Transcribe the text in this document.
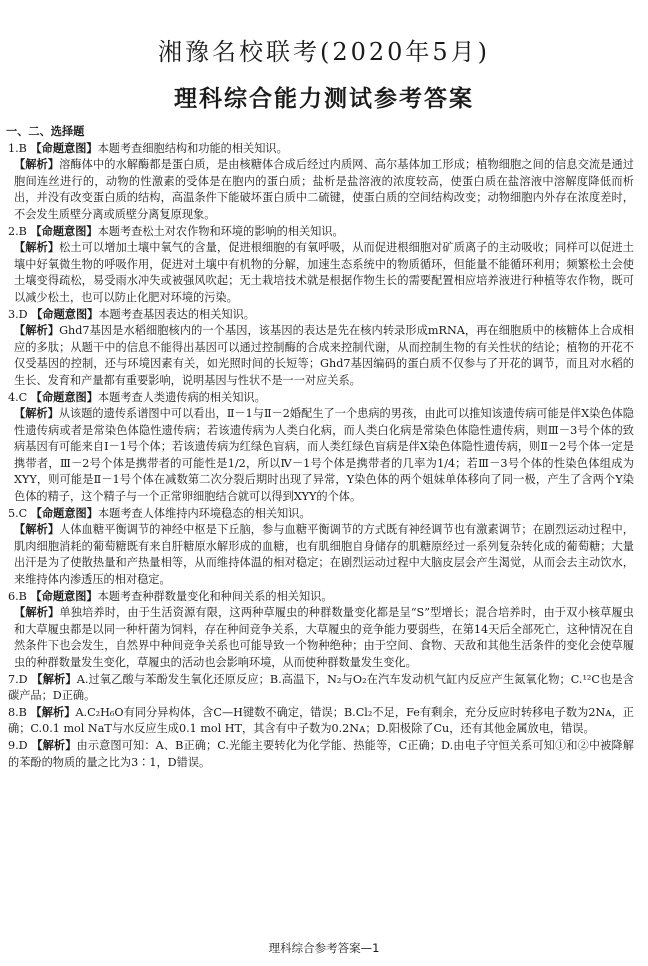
湘豫名校联考(2020年5月)
理科综合能力测试参考答案
一、二、选择题
1.B 【命题意图】本题考查细胞结构和功能的相关知识。
【解析】溶酶体中的水解酶都是蛋白质，是由核糖体合成后经过内质网、高尔基体加工形成；植物细胞之间的信息交流是通过胞间连丝进行的，动物的性激素的受体是在胞内的蛋白质；盐析是盐溶液的浓度较高，使蛋白质在盐溶液中溶解度降低而析出，并没有改变蛋白质的结构，高温条件下能破坏蛋白质中二硫键，使蛋白质的空间结构改变；动物细胞内外存在浓度差时，不会发生质壁分离或质壁分离复原现象。
2.B 【命题意图】本题考查松土对农作物和环境的影响的相关知识。
【解析】松土可以增加土壤中氧气的含量，促进根细胞的有氧呼吸，从而促进根细胞对矿质离子的主动吸收；同样可以促进土壤中好氧微生物的呼吸作用，促进对土壤中有机物的分解，加速生态系统中的物质循环，但能量不能循环利用；频繁松土会使土壤变得疏松，易受雨水冲失或被强风吹起；无土栽培技术就是根据作物生长的需要配置相应培养液进行种植等农作物，既可以减少松土，也可以防止化肥对环境的污染。
3.D 【命题意图】本题考查基因表达的相关知识。
【解析】Ghd7基因是水稻细胞核内的一个基因，该基因的表达是先在核内转录形成mRNA，再在细胞质中的核糖体上合成相应的多肽；从题干中的信息不能得出基因可以通过控制酶的合成来控制代谢，从而控制生物的有关性状的结论；植物的开花不仅受基因的控制，还与环境因素有关，如光照时间的长短等；Ghd7基因编码的蛋白质不仅参与了开花的调节，而且对水稻的生长、发育和产量都有重要影响，说明基因与性状不是一一对应关系。
4.C 【命题意图】本题考查人类遗传病的相关知识。
【解析】从该题的遗传系谱图中可以看出，Ⅱ－1与Ⅱ－2婚配生了一个患病的男孩，由此可以推知该遗传病可能是伴X染色体隐性遗传病或者是常染色体隐性遗传病；若该遗传病为人类白化病，而人类白化病是常染色体隐性遗传病，则Ⅲ－3号个体的致病基因有可能来自Ⅰ－1号个体；若该遗传病为红绿色盲病，而人类红绿色盲病是伴X染色体隐性遗传病，则Ⅱ－2号个体一定是携带者，Ⅲ－2号个体是携带者的可能性是1/2，所以Ⅳ－1号个体是携带者的几率为1/4；若Ⅲ－3号个体的性染色体组成为XYY，则可能是Ⅱ－1号个体在减数第二次分裂后期时出现了异常，Y染色体的两个姐妹单体移向了同一极，产生了含两个Y染色体的精子，这个精子与一个正常卵细胞结合就可以得到XYY的个体。
5.C 【命题意图】本题考查人体维持内环境稳态的相关知识。
【解析】人体血糖平衡调节的神经中枢是下丘脑，参与血糖平衡调节的方式既有神经调节也有激素调节；在剧烈运动过程中，肌肉细胞消耗的葡萄糖既有来自肝糖原水解形成的血糖，也有肌细胞自身储存的肌糖原经过一系列复杂转化成的葡萄糖；大量出汗是为了使散热量和产热量相等，从而维持体温的相对稳定；在剧烈运动过程中大脑皮层会产生渴觉，从而会去主动饮水，来维持体内渗透压的相对稳定。
6.B 【命题意图】本题考查种群数量变化和种间关系的相关知识。
【解析】单独培养时，由于生活资源有限，这两种草履虫的种群数量变化都是呈“S”型增长；混合培养时，由于双小核草履虫和大草履虫都是以同一种杆菌为饲料，存在种间竞争关系，大草履虫的竞争能力要弱些，在第14天后全部死亡，这种情况在自然条件下也会发生，自然界中种间竞争关系也可能导致一个物种绝种；由于空间、食物、天敌和其他生活条件的变化会使草履虫的种群数量发生变化，草履虫的活动也会影响环境，从而使种群数量发生变化。
7.D 【解析】A.过氧乙酸与苯酚发生氧化还原反应；B.高温下，N₂与O₂在汽车发动机气缸内反应产生氮氧化物；C.¹²C也是含碳产品；D正确。
8.B 【解析】A.C₂H₆O有同分异构体，含C—H键数不确定，错误；B.Cl₂不足，Fe有剩余，充分反应时转移电子数为2Nᴀ，正确；C.0.1 mol NaT与水反应生成0.1 mol HT，其含有中子数为0.2Nᴀ；D.阳极除了Cu，还有其他金属放电，错误。
9.D 【解析】由示意图可知：A、B正确；C.光能主要转化为化学能、热能等，C正确；D.由电子守恒关系可知①和②中被降解的苯酚的物质的量之比为3∶1，D错误。
理科综合参考答案—1
